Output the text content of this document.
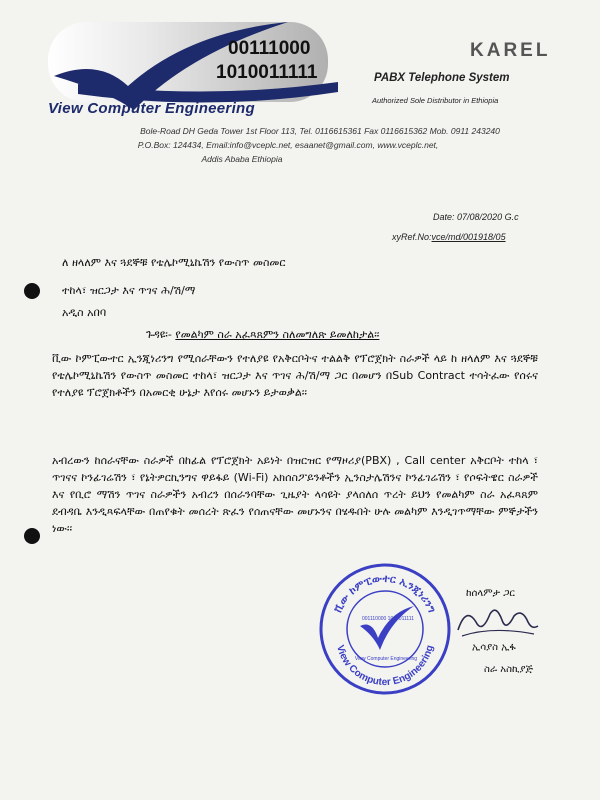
00111000
1010011111
View Computer Engineering
KAREL
PABX Telephone System
Authorized Sole Distributor in Ethiopia
Bole-Road DH Geda Tower 1st Floor 113, Tel. 0116615361 Fax 0116615362 Mob. 0911 243240
P.O.Box: 124434, Email:info@vceplc.net, esaanet@gmail.com, www.vceplc.net,
Addis Ababa Ethiopia
Date: 07/08/2020 G.c
xyRef.No:vce/md/001918/05
ለ ዘላለም እና ጓደኞቹ የቴሌኮሚኒኬሽን የውስጥ መስመር
ተከላ፣ ዝርጋታ እና ጥገና ሕ/ሽ/ማ
አዲስ አበባ
ጉዳዩ፡- የመልካም ስራ አፈጻጸምን ስለመግለጽ ይመለከታል፡፡
ቪው ኮምፒውተር ኢንጂነሪንግ የሚሰራቸውን የተለያዩ የአቅርቦትና ተልልቅ የፕሮጀክት ስራዎች ላይ ከ ዘላለም እና ጓደኞቹ የቴሌኮሚኒኬሽን የውስጥ መስመር ተከላ፣ ዝርጋታ እና ጥገና ሕ/ሽ/ማ ጋር በመሆን በSub Contract ተሳትፈው የሰሩና የተለያዩ ፕሮጀክቶችን በአመርቂ ሁኔታ እየሰሩ መሆኑን ይታወቃል፡፡
አብረውን ከሰራናቸው ስራዎች በከፊል የፕሮጀክት አይነት በዝርዝር የማዞሪያ(PBX) , Call center አቅርቦት ተከላ ፣ ጥገናና ኮንፊገሬሽን ፣ የኔትዎርኪንግና ዋይፋይ (Wi-Fi) አክሰስፖይንቶችን ኢንስታሌሽንና ኮንፊገሬሽን ፣ የሶፍትዌር ስራዎች እና የቢሮ ማሽን ጥገና ስራዎችን አብረን በሰራንባቸው ጊዜያት ላሳዩት ያላሰለሰ ጥረት ይህን የመልካም ስራ አፈጻጸም ደብዳቤ እንዲጻፍላቸው በጠየቁት መሰረት ጽፈን የሰጠናቸው መሆኑንና በሄዱበት ሁሉ መልካም እንዲገጥማቸው ምኞታችን ነው፡፡
ቪው ኮምፒውተር ኢንጂነሪንግ
View Computer Engineering
001110000 1010011111
View Computer Engineering
ከሰላምታ ጋር
ኢሳያስ ኢፋ
ስራ አስኪያጅ
